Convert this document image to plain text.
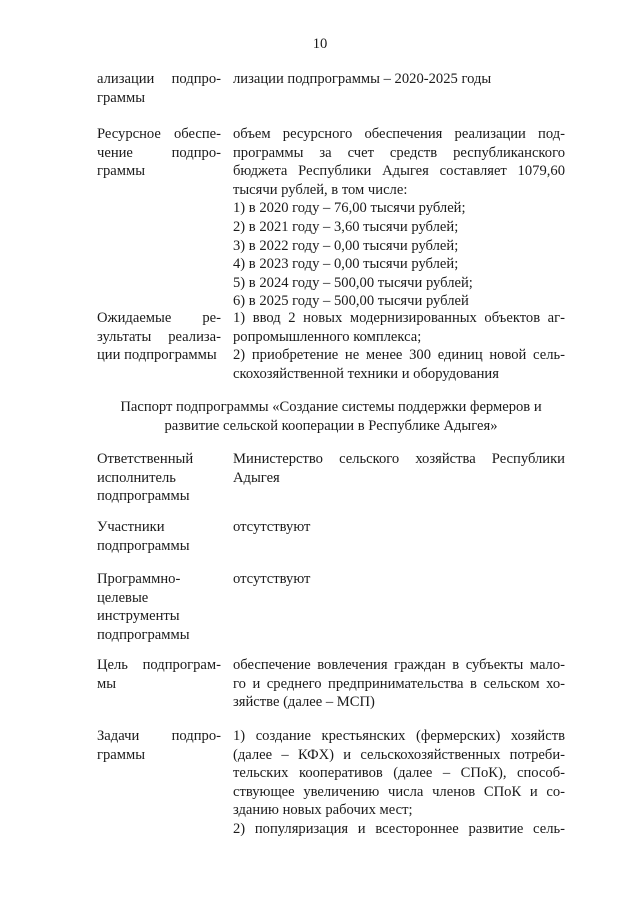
10
ализации подпро-
граммы
лизации подпрограммы – 2020-2025 годы
Ресурсное обеспе-
чение подпро-
граммы
объем ресурсного обеспечения реализации под-
программы за счет средств республиканского
бюджета Республики Адыгея составляет 1079,60
тысячи рублей, в том числе:
1) в 2020 году – 76,00 тысячи рублей;
2) в 2021 году – 3,60 тысячи рублей;
3) в 2022 году – 0,00 тысячи рублей;
4) в 2023 году – 0,00 тысячи рублей;
5) в 2024 году – 500,00 тысячи рублей;
6) в 2025 году – 500,00 тысячи рублей
Ожидаемые ре-
зультаты реализа-
ции подпрограммы
1) ввод 2 новых модернизированных объектов аг-
ропромышленного комплекса;
2) приобретение не менее 300 единиц новой сель-
скохозяйственной техники и оборудования
Паспорт подпрограммы «Создание системы поддержки фермеров и
развитие сельской кооперации в Республике Адыгея»
Ответственный
исполнитель
подпрограммы
Министерство сельского хозяйства Республики
Адыгея
Участники
подпрограммы
отсутствуют
Программно-
целевые
инструменты
подпрограммы
отсутствуют
Цель подпрограм-
мы
обеспечение вовлечения граждан в субъекты мало-
го и среднего предпринимательства в сельском хо-
зяйстве (далее – МСП)
Задачи подпро-
граммы
1) создание крестьянских (фермерских) хозяйств
(далее – КФХ) и сельскохозяйственных потреби-
тельских кооперативов (далее – СПоК), способ-
ствующее увеличению числа членов СПоК и со-
зданию новых рабочих мест;
2) популяризация и всестороннее развитие сель-
